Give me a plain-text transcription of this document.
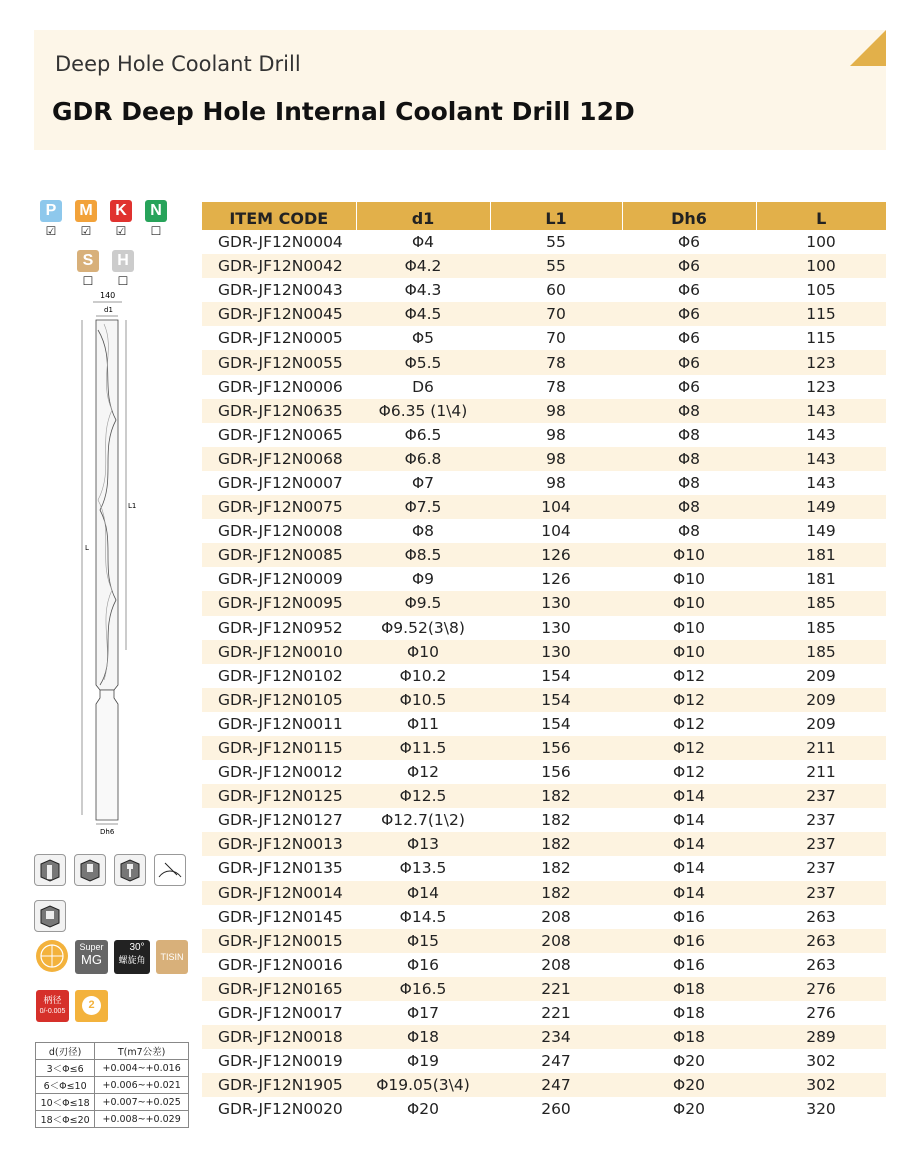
Deep Hole Coolant Drill
GDR Deep Hole Internal Coolant Drill 12D
P
☑
M
☑
K
☑
N
☐
S
☐
H
☐
140
d1
L1
L
Dh6
Super
MG
30°
螺旋角	TISIN
柄径
0/-0.005
2
d(刃径)	T(m7公差)
3＜Φ≤6	+0.004~+0.016
6＜Φ≤10	+0.006~+0.021
10＜Φ≤18	+0.007~+0.025
18＜Φ≤20	+0.008~+0.029
ITEM CODE	d1	L1	Dh6	L
GDR-JF12N0004	Φ4	55	Φ6	100
GDR-JF12N0042	Φ4.2	55	Φ6	100
GDR-JF12N0043	Φ4.3	60	Φ6	105
GDR-JF12N0045	Φ4.5	70	Φ6	115
GDR-JF12N0005	Φ5	70	Φ6	115
GDR-JF12N0055	Φ5.5	78	Φ6	123
GDR-JF12N0006	D6	78	Φ6	123
GDR-JF12N0635	Φ6.35 (1\4)	98	Φ8	143
GDR-JF12N0065	Φ6.5	98	Φ8	143
GDR-JF12N0068	Φ6.8	98	Φ8	143
GDR-JF12N0007	Φ7	98	Φ8	143
GDR-JF12N0075	Φ7.5	104	Φ8	149
GDR-JF12N0008	Φ8	104	Φ8	149
GDR-JF12N0085	Φ8.5	126	Φ10	181
GDR-JF12N0009	Φ9	126	Φ10	181
GDR-JF12N0095	Φ9.5	130	Φ10	185
GDR-JF12N0952	Φ9.52(3\8)	130	Φ10	185
GDR-JF12N0010	Φ10	130	Φ10	185
GDR-JF12N0102	Φ10.2	154	Φ12	209
GDR-JF12N0105	Φ10.5	154	Φ12	209
GDR-JF12N0011	Φ11	154	Φ12	209
GDR-JF12N0115	Φ11.5	156	Φ12	211
GDR-JF12N0012	Φ12	156	Φ12	211
GDR-JF12N0125	Φ12.5	182	Φ14	237
GDR-JF12N0127	Φ12.7(1\2)	182	Φ14	237
GDR-JF12N0013	Φ13	182	Φ14	237
GDR-JF12N0135	Φ13.5	182	Φ14	237
GDR-JF12N0014	Φ14	182	Φ14	237
GDR-JF12N0145	Φ14.5	208	Φ16	263
GDR-JF12N0015	Φ15	208	Φ16	263
GDR-JF12N0016	Φ16	208	Φ16	263
GDR-JF12N0165	Φ16.5	221	Φ18	276
GDR-JF12N0017	Φ17	221	Φ18	276
GDR-JF12N0018	Φ18	234	Φ18	289
GDR-JF12N0019	Φ19	247	Φ20	302
GDR-JF12N1905	Φ19.05(3\4)	247	Φ20	302
GDR-JF12N0020	Φ20	260	Φ20	320
